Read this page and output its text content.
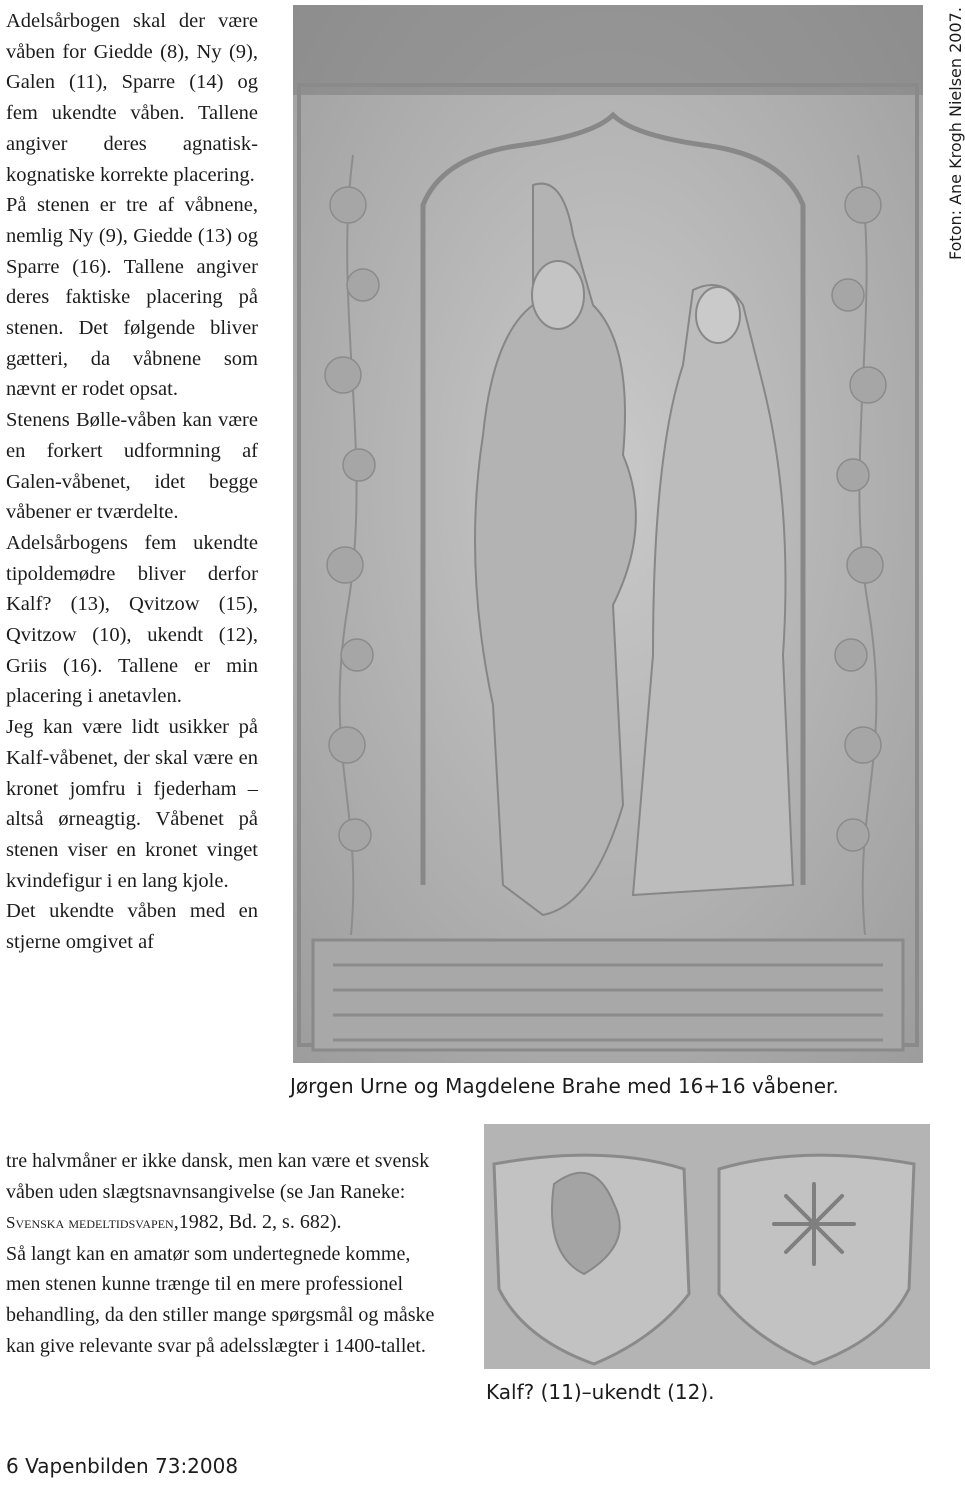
Adelsårbogen skal der være våben for Giedde (8), Ny (9), Galen (11), Sparre (14) og fem ukendte våben. Tallene angiver deres agnatisk-kognatiske korrekte placering.

På stenen er tre af våbnene, nemlig Ny (9), Giedde (13) og Sparre (16). Tallene angiver deres faktiske placering på stenen. Det følgende bliver gætteri, da våbnene som nævnt er rodet opsat.

Stenens Bølle-våben kan være en forkert udformning af Galen-våbenet, idet begge våbener er tværdelte.

Adelsårbogens fem ukendte tipoldemødre bliver derfor Kalf? (13), Qvitzow (15), Qvitzow (10), ukendt (12), Griis (16). Tallene er min placering i anetavlen.

Jeg kan være lidt usikker på Kalf-våbenet, der skal være en kronet jomfru i fjederham – altså ørneagtig. Våbenet på stenen viser en kronet vinget kvindefigur i en lang kjole.

Det ukendte våben med en stjerne omgivet af

tre halvmåner er ikke dansk, men kan være et svensk våben uden slægtsnavnsangivelse (se Jan Raneke: Svenska medeltidsvapen,1982, Bd. 2, s. 682).

Så langt kan en amatør som undertegnede komme, men stenen kunne trænge til en mere professionel behandling, da den stiller mange spørgsmål og måske kan give relevante svar på adelsslægter i 1400-tallet.

Foton: Ane Krogh Nielsen 2007.
Jørgen Urne og Magdelene Brahe med 16+16 våbener.
Kalf? (11)–ukendt (12).
6 Vapenbilden 73:2008
